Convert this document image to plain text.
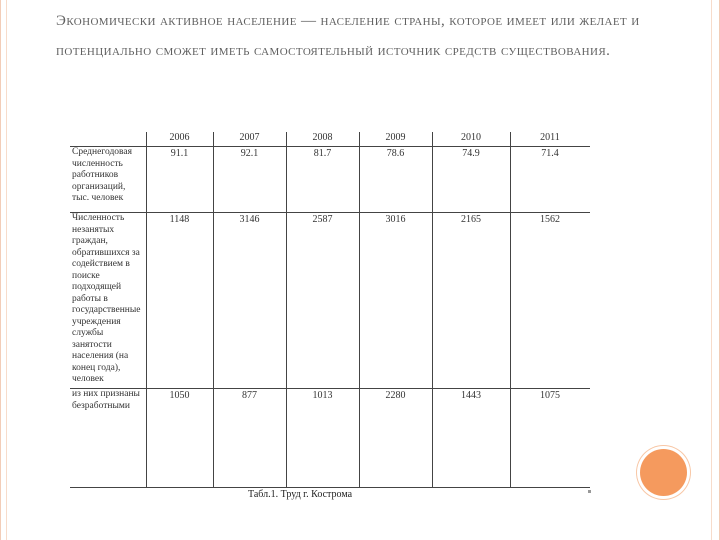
Экономически активное население — население страны, которое имеет или желает и потенциально сможет иметь самостоятельный источник средств существования.
	2006	2007	2008	2009	2010	2011
Среднегодовая численность работников организаций, тыс. человек	91.1	92.1	81.7	78.6	74.9	71.4
Численность незанятых граждан, обратившихся за содействием в поиске подходящей работы в государственные учреждения службы занятости населения (на конец года), человек	1148	3146	2587	3016	2165	1562
из них признаны безработными	1050	877	1013	2280	1443	1075
Табл.1. Труд г. Кострома
